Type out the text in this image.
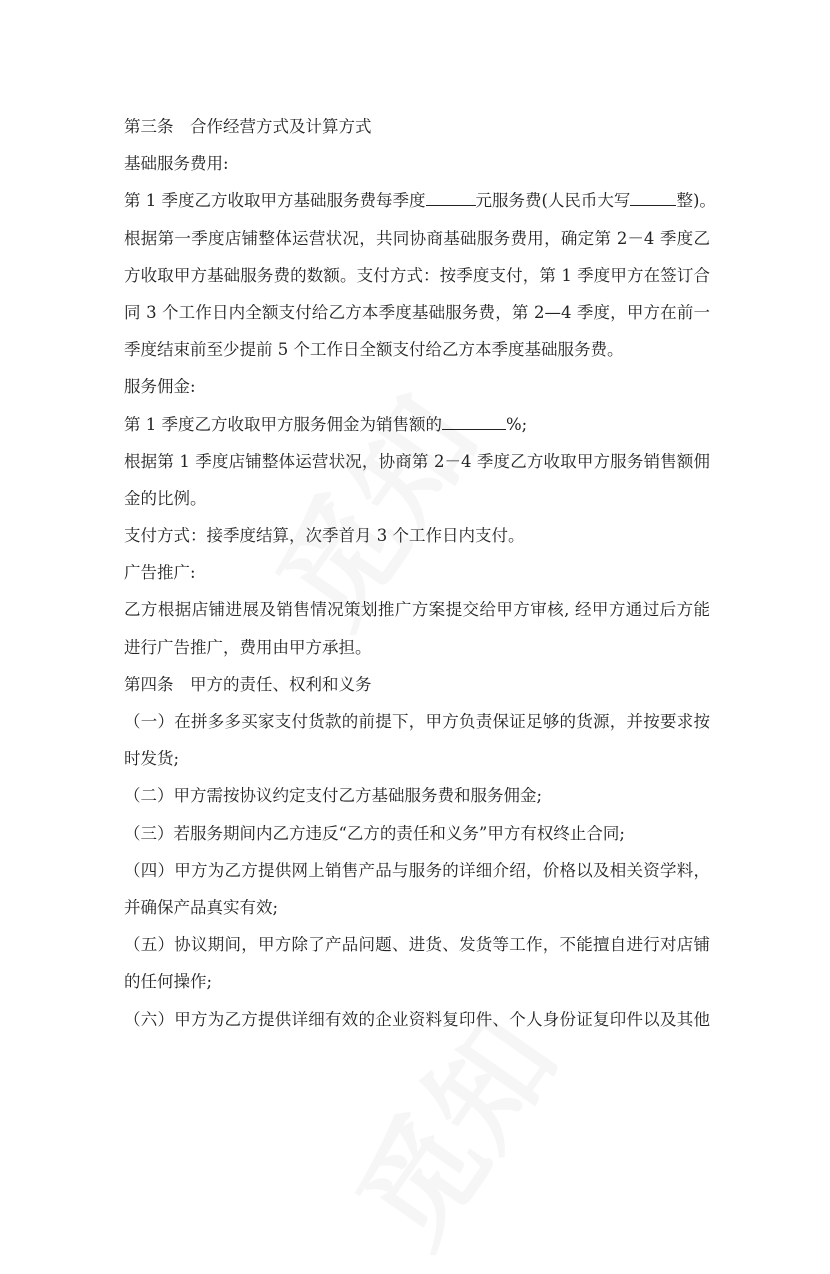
第三条　合作经营方式及计算方式
基础服务费用:
第 1 季度乙方收取甲方基础服务费每季度	元服务费(人民币大写	整)。
根据第一季度店铺整体运营状况，共同协商基础服务费用，确定第 2－4 季度乙
方收取甲方基础服务费的数额。支付方式：按季度支付，第 1 季度甲方在签订合
同 3 个工作日内全额支付给乙方本季度基础服务费，第 2—4 季度，甲方在前一
季度结束前至少提前 5 个工作日全额支付给乙方本季度基础服务费。
服务佣金:
第 1 季度乙方收取甲方服务佣金为销售额的	%;
根据第 1 季度店铺整体运营状况，协商第 2－4 季度乙方收取甲方服务销售额佣
金的比例。
支付方式：接季度结算，次季首月 3 个工作日内支付。
广告推广:
乙方根据店铺进展及销售情况策划推广方案提交给甲方审核, 经甲方通过后方能
进行广告推广，费用由甲方承担。
第四条　甲方的责任、权利和义务
（一）在拼多多买家支付货款的前提下，甲方负责保证足够的货源，并按要求按
时发货;
（二）甲方需按协议约定支付乙方基础服务费和服务佣金;
（三）若服务期间内乙方违反“乙方的责任和义务”甲方有权终止合同;
（四）甲方为乙方提供网上销售产品与服务的详细介绍，价格以及相关资学料，
并确保产品真实有效;
（五）协议期间，甲方除了产品问题、进货、发货等工作，不能擅自进行对店铺
的任何操作;
（六）甲方为乙方提供详细有效的企业资料复印件、个人身份证复印件以及其他
